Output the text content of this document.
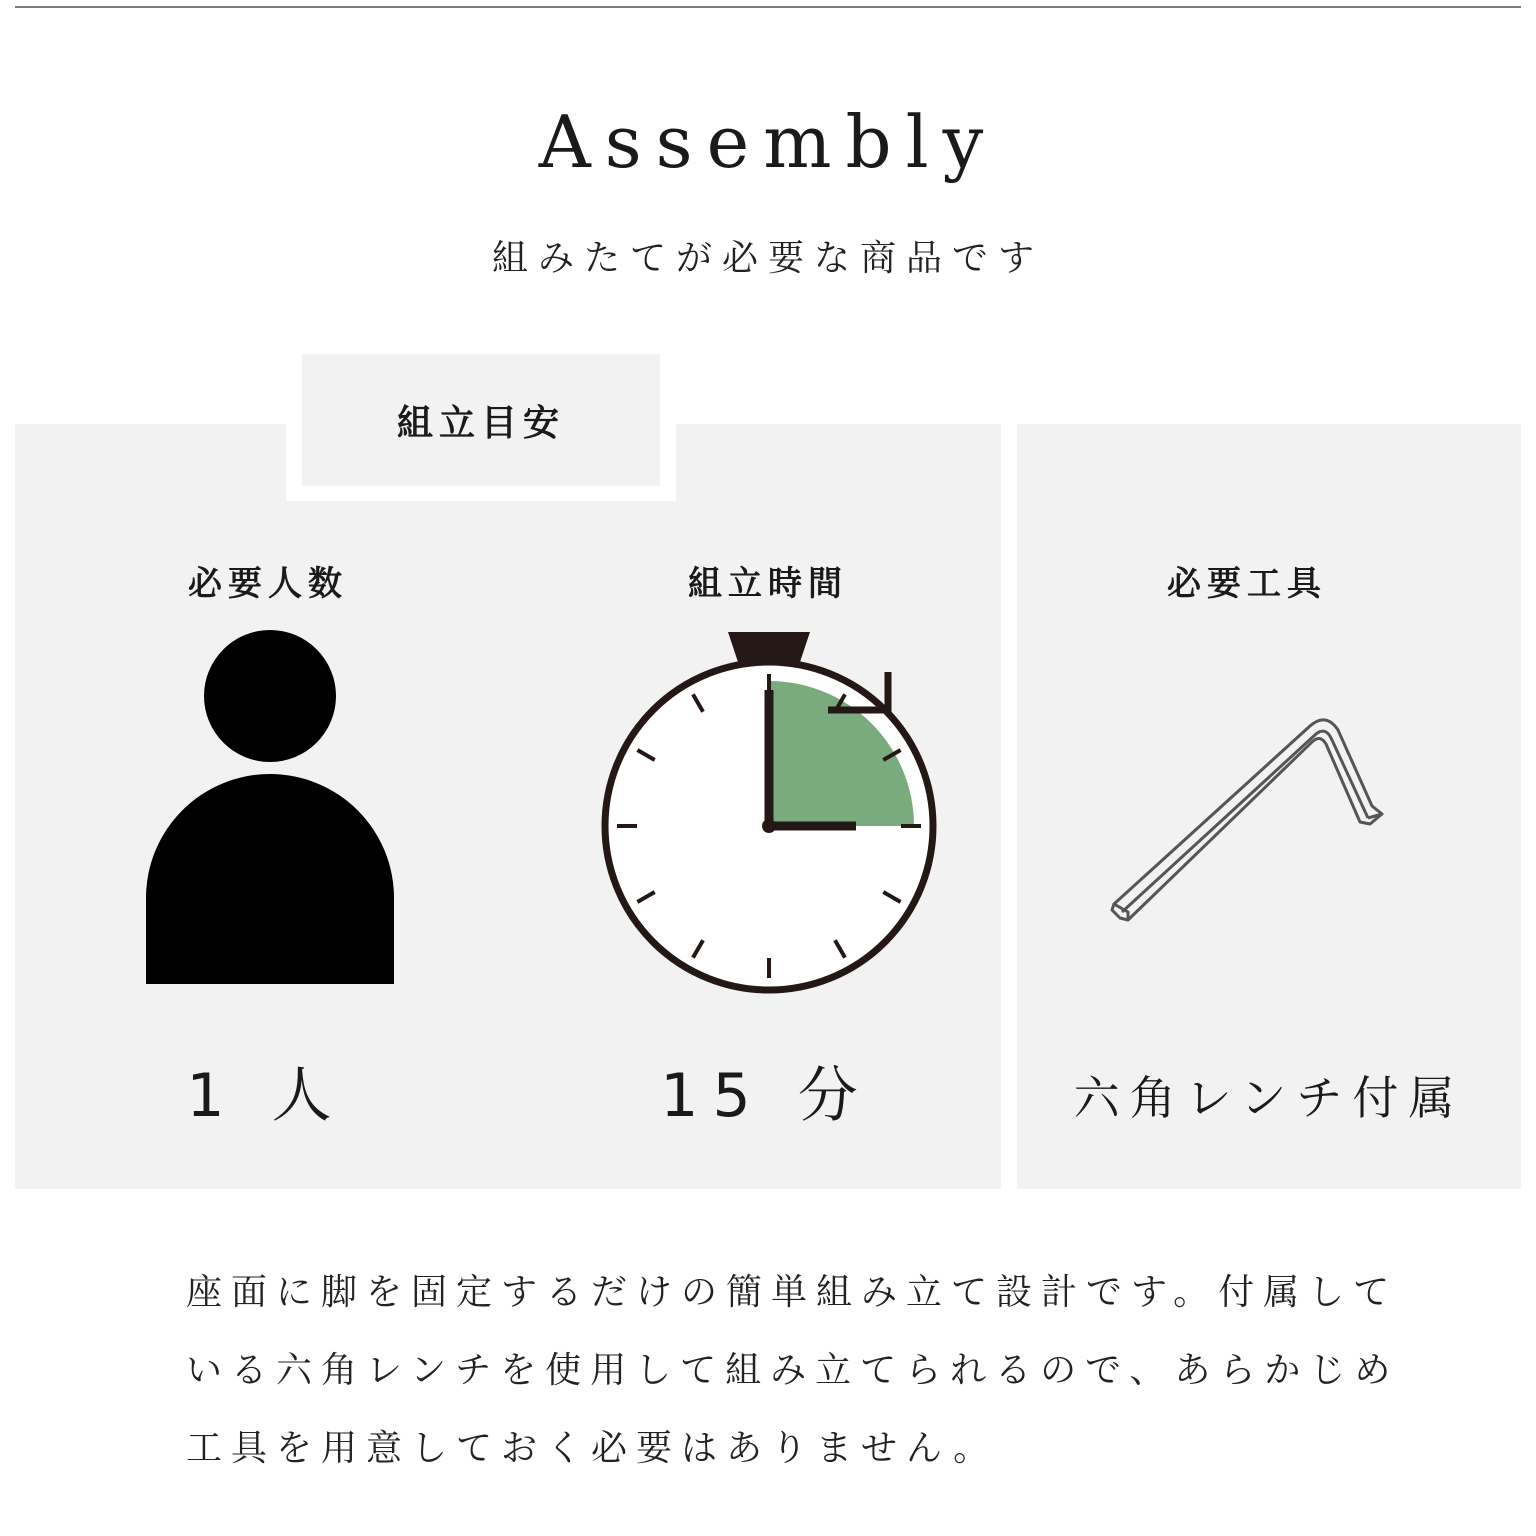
Assembly
組みたてが必要な商品です
組立目安
必要人数
1 人
組立時間
15 分
必要工具
六角レンチ付属

座面に脚を固定するだけの簡単組み立て設計です。付属して

いる六角レンチを使用して組み立てられるので、あらかじめ

工具を用意しておく必要はありません。
